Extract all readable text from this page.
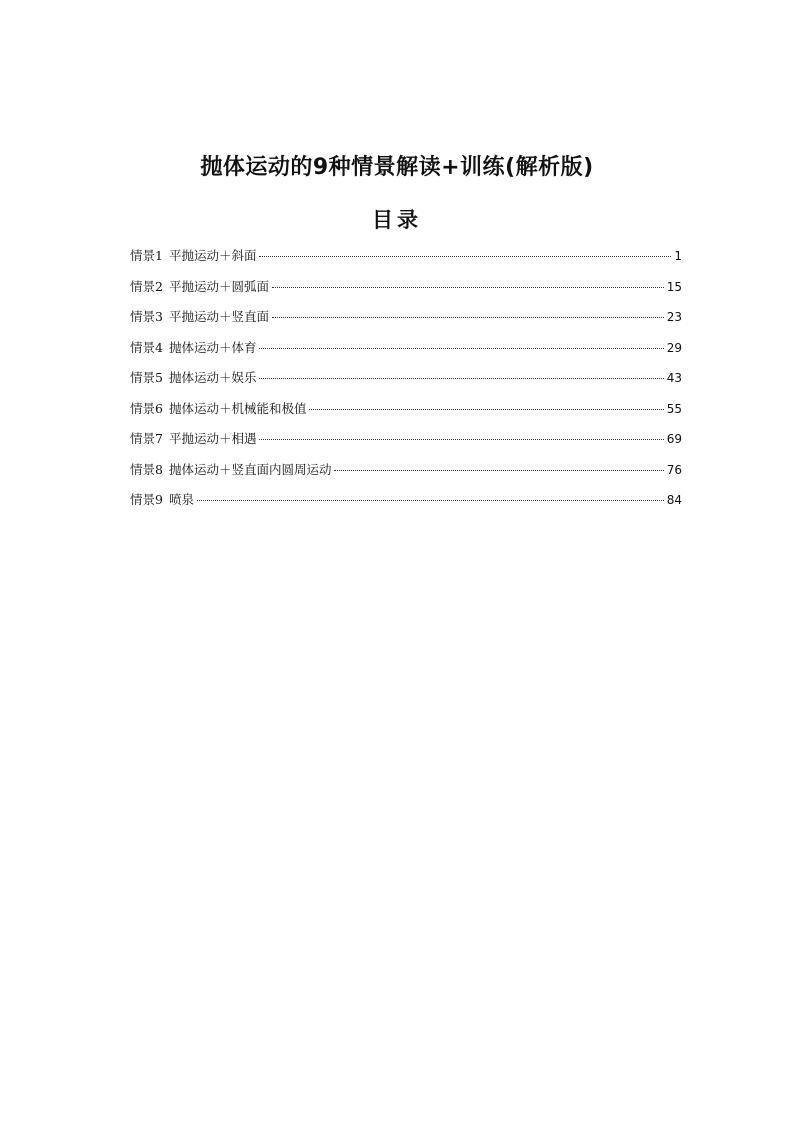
抛体运动的9种情景解读+训练(解析版)
目录
情景1 平抛运动＋斜面	1
情景2 平抛运动＋圆弧面	15
情景3 平抛运动＋竖直面	23
情景4 抛体运动＋体育	29
情景5 抛体运动＋娱乐	43
情景6 抛体运动＋机械能和极值	55
情景7 平抛运动＋相遇	69
情景8 抛体运动＋竖直面内圆周运动	76
情景9 喷泉	84
